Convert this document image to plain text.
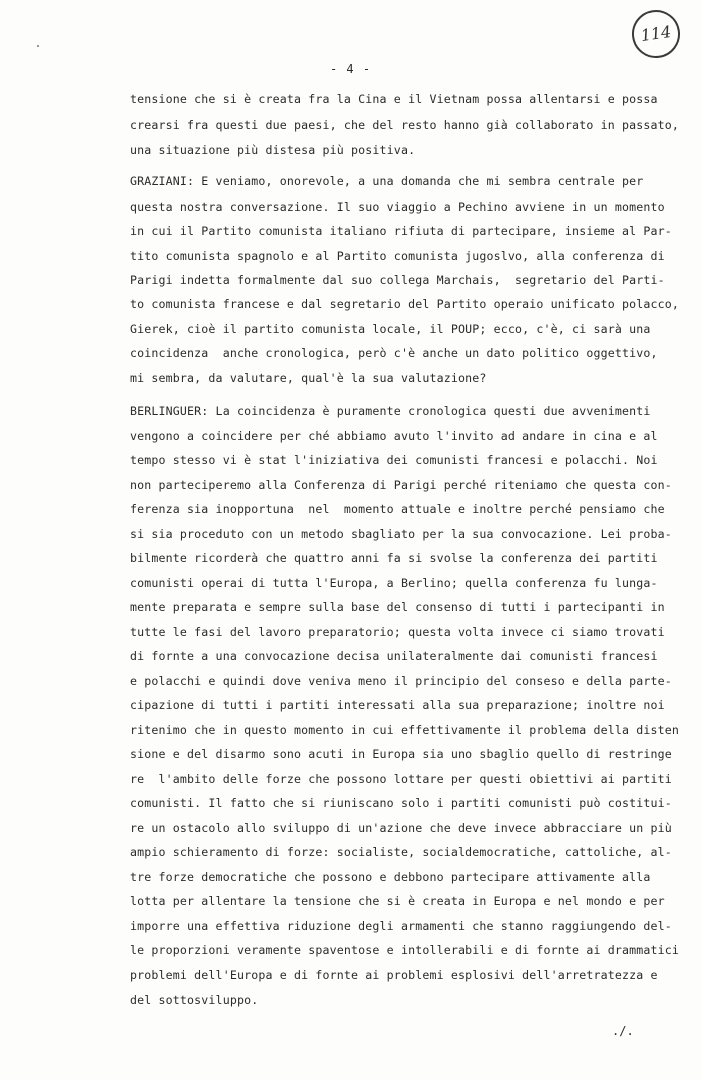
114
- 4 -
tensione che si è creata fra la Cina e il Vietnam possa allentarsi e possa
crearsi fra questi due paesi, che del resto hanno già collaborato in passato,
una situazione più distesa più positiva.
GRAZIANI: E veniamo, onorevole, a una domanda che mi sembra centrale per
questa nostra conversazione. Il suo viaggio a Pechino avviene in un momento
in cui il Partito comunista italiano rifiuta di partecipare, insieme al Par-
tito comunista spagnolo e al Partito comunista jugoslvo, alla conferenza di
Parigi indetta formalmente dal suo collega Marchais,  segretario del Parti-
to comunista francese e dal segretario del Partito operaio unificato polacco,
Gierek, cioè il partito comunista locale, il POUP; ecco, c'è, ci sarà una
coincidenza  anche cronologica, però c'è anche un dato politico oggettivo,
mi sembra, da valutare, qual'è la sua valutazione?
BERLINGUER: La coincidenza è puramente cronologica questi due avvenimenti
vengono a coincidere per ché abbiamo avuto l'invito ad andare in cina e al
tempo stesso vi è stat l'iniziativa dei comunisti francesi e polacchi. Noi
non parteciperemo alla Conferenza di Parigi perché riteniamo che questa con-
ferenza sia inopportuna  nel  momento attuale e inoltre perché pensiamo che
si sia proceduto con un metodo sbagliato per la sua convocazione. Lei proba-
bilmente ricorderà che quattro anni fa si svolse la conferenza dei partiti
comunisti operai di tutta l'Europa, a Berlino; quella conferenza fu lunga-
mente preparata e sempre sulla base del consenso di tutti i partecipanti in
tutte le fasi del lavoro preparatorio; questa volta invece ci siamo trovati
di fornte a una convocazione decisa unilateralmente dai comunisti francesi
e polacchi e quindi dove veniva meno il principio del conseso e della parte-
cipazione di tutti i partiti interessati alla sua preparazione; inoltre noi
ritenimo che in questo momento in cui effettivamente il problema della disten
sione e del disarmo sono acuti in Europa sia uno sbaglio quello di restringe
re  l'ambito delle forze che possono lottare per questi obiettivi ai partiti
comunisti. Il fatto che si riuniscano solo i partiti comunisti può costitui-
re un ostacolo allo sviluppo di un'azione che deve invece abbracciare un più
ampio schieramento di forze: socialiste, socialdemocratiche, cattoliche, al-
tre forze democratiche che possono e debbono partecipare attivamente alla
lotta per allentare la tensione che si è creata in Europa e nel mondo e per
imporre una effettiva riduzione degli armamenti che stanno raggiungendo del-
le proporzioni veramente spaventose e intollerabili e di fornte ai drammatici
problemi dell'Europa e di fornte ai problemi esplosivi dell'arretratezza e
del sottosviluppo.
./.
